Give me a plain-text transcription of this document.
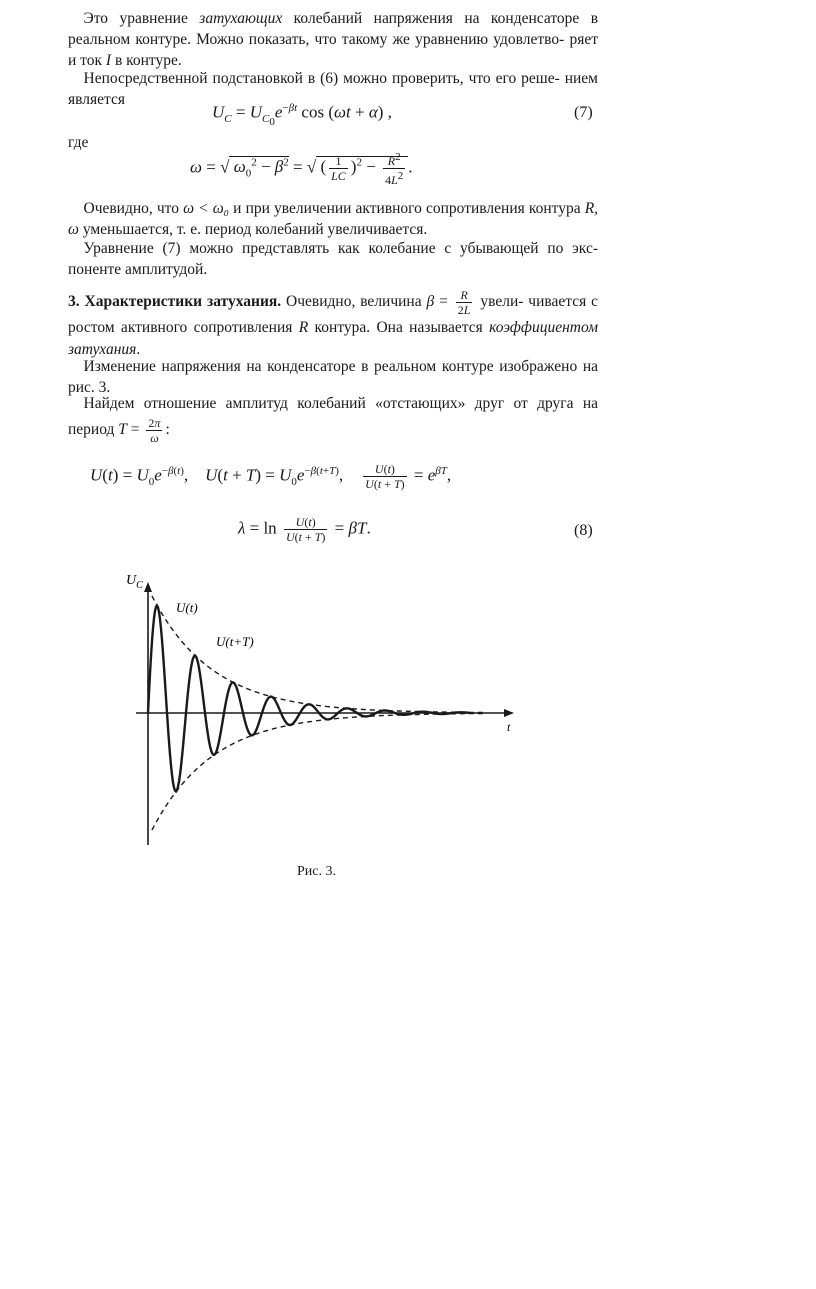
 Это уравнение затухающих колебаний напряжения на конденсаторе в реальном контуре. Можно показать, что такому же уравнению удовлетво- ряет и ток I в контуре.
 Непосредственной подстановкой в (6) можно проверить, что его реше- нием является
$U_C = U_{C_0}e^{-\beta t}$ cos (ωt + α) ,	(7)
где
ω = √ $\omega_0^2 - \beta^2$ = √ ( $\frac{1}{LC} )^2 - \frac{R^2}{4L^2}$ .
 Очевидно, что ω < ω₀ и при увеличении активного сопротивления контура R, ω уменьшается, т. е. период колебаний увеличивается.
 Уравнение (7) можно представлять как колебание с убывающей по экс- поненте амплитудой.
3. Характеристики затухания. Очевидно, величина $\beta = \frac{R}{2L}$ увели- чивается с ростом активного сопротивления R контура. Она называется коэффициентом затухания.
 Изменение напряжения на конденсаторе в реальном контуре изображено на рис. 3.
 Найдем отношение амплитуд колебаний «отстающих» друг от друга на период $T = \frac{2\pi}{\omega}$ :
$U(t) = U_0e^{-\beta(t)}$,    $U(t + T) = U_0e^{-\beta(t+T)}$, $\frac{U(t)}{U(t + T)} = e^{\beta T}$,
$\lambda = \ln \frac{U(t)}{U(t + T)} = \beta T$.	(8)
$U_C$
t
U(t)
U(t+T)
Рис. 3.
